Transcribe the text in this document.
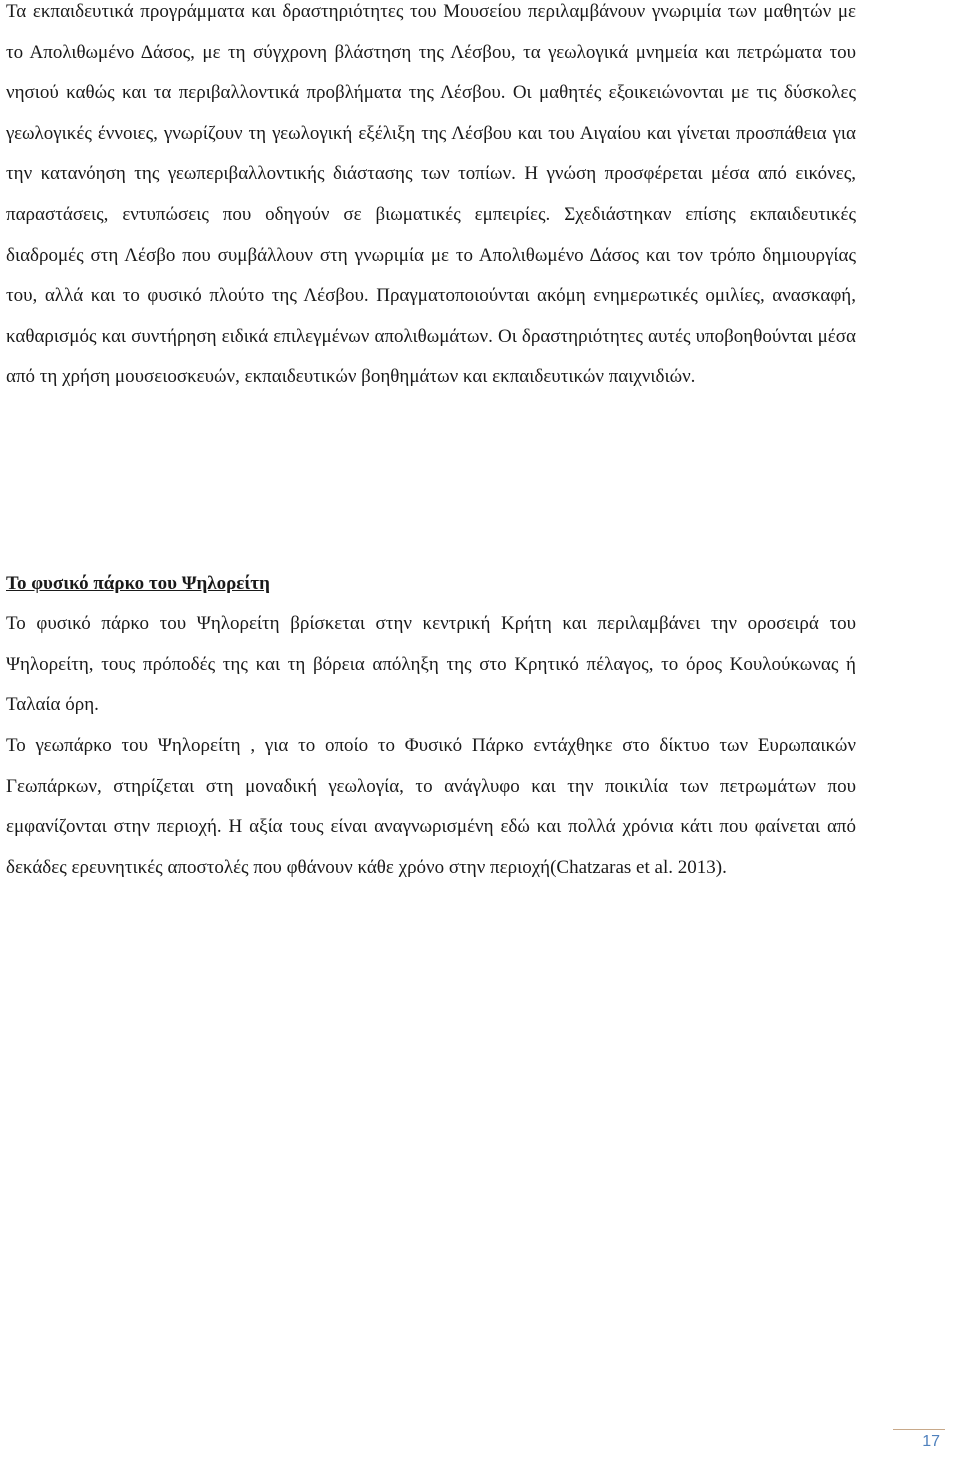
Τα εκπαιδευτικά προγράμματα και δραστηριότητες του Μουσείου περιλαμβάνουν γνωριμία των μαθητών με το Απολιθωμένο Δάσος, με τη σύγχρονη βλάστηση της Λέσβου, τα γεωλογικά μνημεία και πετρώματα του νησιού καθώς και τα περιβαλλοντικά προβλήματα της Λέσβου. Οι μαθητές εξοικειώνονται με τις δύσκολες γεωλογικές έννοιες, γνωρίζουν τη γεωλογική εξέλιξη της Λέσβου και του Αιγαίου και γίνεται προσπάθεια για την κατανόηση της γεωπεριβαλλοντικής διάστασης των τοπίων. Η γνώση προσφέρεται μέσα από εικόνες, παραστάσεις, εντυπώσεις που οδηγούν σε βιωματικές εμπειρίες. Σχεδιάστηκαν επίσης εκπαιδευτικές διαδρομές στη Λέσβο που συμβάλλουν στη γνωριμία με το Απολιθωμένο Δάσος και τον τρόπο δημιουργίας του, αλλά και το φυσικό πλούτο της Λέσβου. Πραγματοποιούνται ακόμη ενημερωτικές ομιλίες, ανασκαφή, καθαρισμός και συντήρηση ειδικά επιλεγμένων απολιθωμάτων. Οι δραστηριότητες αυτές υποβοηθούνται μέσα από τη χρήση μουσειοσκευών, εκπαιδευτικών βοηθημάτων και εκπαιδευτικών παιχνιδιών.

Το φυσικό πάρκο του Ψηλορείτη

Το φυσικό πάρκο του Ψηλορείτη βρίσκεται στην κεντρική Κρήτη και περιλαμβάνει την οροσειρά του Ψηλορείτη, τους πρόποδές της και τη βόρεια απόληξη της στο Κρητικό πέλαγος, το όρος Κουλούκωνας ή Ταλαία όρη.

Το γεωπάρκο του Ψηλορείτη , για το οποίο το Φυσικό Πάρκο εντάχθηκε στο δίκτυο των Ευρωπαικών Γεωπάρκων, στηρίζεται στη μοναδική γεωλογία, το ανάγλυφο και την ποικιλία των πετρωμάτων που εμφανίζονται στην περιοχή. Η αξία τους είναι αναγνωρισμένη εδώ και πολλά χρόνια κάτι που φαίνεται από δεκάδες ερευνητικές αποστολές που φθάνουν κάθε χρόνο στην περιοχή(Chatzaras et al. 2013).

17
